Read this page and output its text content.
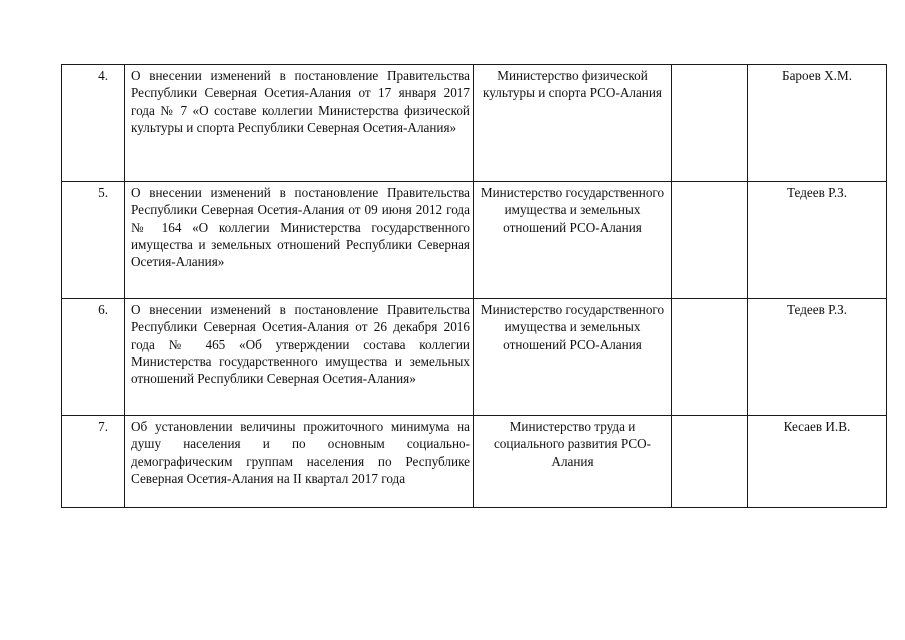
4.	О внесении изменений в постановление Правительства Республики Северная Осетия-Алания от 17 января 2017 года № 7 «О составе коллегии Министерства физической культуры и спорта Республики Северная Осетия-Алания»	Министерство физической культуры и спорта РСО-Алания		Бароев Х.М.

5.	О внесении изменений в постановление Правительства Республики Северная Осетия-Алания от 09 июня 2012 года № 164 «О коллегии Министерства государственного имущества и земельных отношений Республики Северная Осетия-Алания»	Министерство государственного имущества и земельных отношений РСО-Алания		Тедеев Р.З.

6.	О внесении изменений в постановление Правительства Республики Северная Осетия-Алания от 26 декабря 2016 года № 465 «Об утверждении состава коллегии Министерства государственного имущества и земельных отношений Республики Северная Осетия-Алания»	Министерство государственного имущества и земельных отношений РСО-Алания		Тедеев Р.З.

7.	Об установлении величины прожиточного минимума на душу населения и по основным социально-демографическим группам населения по Республике Северная Осетия-Алания на II квартал 2017 года	Министерство труда и социального развития РСО-Алания		Кесаев И.В.
